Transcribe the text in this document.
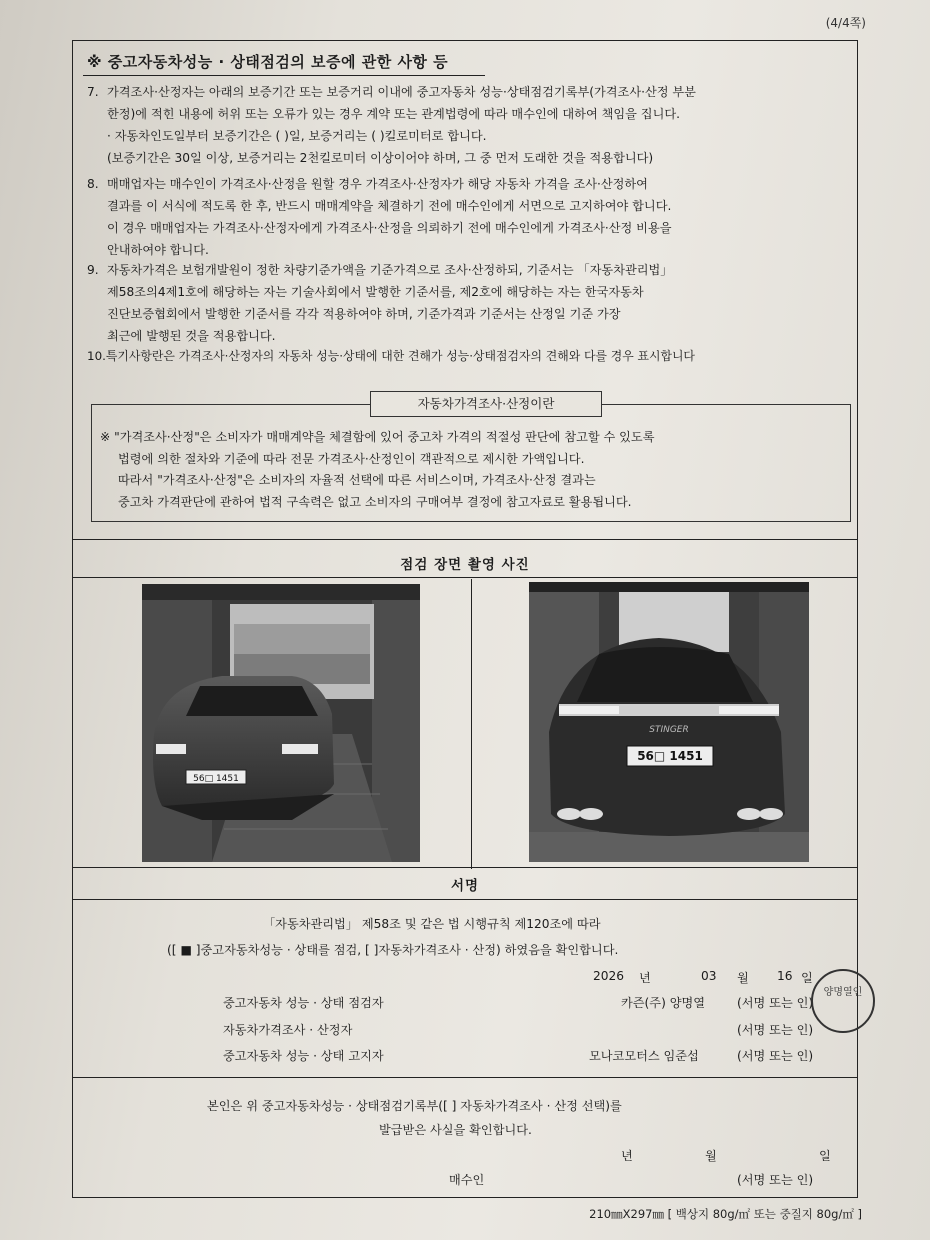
(4/4쪽)
※ 중고자동차성능 · 상태점검의 보증에 관한 사항 등
7. 가격조사·산정자는 아래의 보증기간 또는 보증거리 이내에 중고자동차 성능·상태점검기록부(가격조사·산정 부분
한정)에 적힌 내용에 허위 또는 오류가 있는 경우 계약 또는 관계법령에 따라 매수인에 대하여 책임을 집니다.
· 자동차인도일부터 보증기간은 ( )일, 보증거리는 ( )킬로미터로 합니다.
(보증기간은 30일 이상, 보증거리는 2천킬로미터 이상이어야 하며, 그 중 먼저 도래한 것을 적용합니다)
8. 매매업자는 매수인이 가격조사·산정을 원할 경우 가격조사·산정자가 해당 자동차 가격을 조사·산정하여
결과를 이 서식에 적도록 한 후, 반드시 매매계약을 체결하기 전에 매수인에게 서면으로 고지하여야 합니다.
이 경우 매매업자는 가격조사·산정자에게 가격조사·산정을 의뢰하기 전에 매수인에게 가격조사·산정 비용을
안내하여야 합니다.
9. 자동차가격은 보험개발원이 정한 차량기준가액을 기준가격으로 조사·산정하되, 기준서는 「자동차관리법」
제58조의4제1호에 해당하는 자는 기술사회에서 발행한 기준서를, 제2호에 해당하는 자는 한국자동차
진단보증협회에서 발행한 기준서를 각각 적용하여야 하며, 기준가격과 기준서는 산정일 기준 가장
최근에 발행된 것을 적용합니다.
10.특기사항란은 가격조사·산정자의 자동차 성능·상태에 대한 견해가 성능·상태점검자의 견해와 다를 경우 표시합니다
자동차가격조사·산정이란
※ "가격조사·산정"은 소비자가 매매계약을 체결함에 있어 중고차 가격의 적절성 판단에 참고할 수 있도록
법령에 의한 절차와 기준에 따라 전문 가격조사·산정인이 객관적으로 제시한 가액입니다.
따라서 "가격조사·산정"은 소비자의 자율적 선택에 따른 서비스이며, 가격조사·산정 결과는
중고차 가격판단에 관하여 법적 구속력은 없고 소비자의 구매여부 결정에 참고자료로 활용됩니다.
점검 장면 촬영 사진
56□ 1451
STINGER
56□ 1451
서명
「자동차관리법」 제58조 및 같은 법 시행규칙 제120조에 따라
([ ■ ]중고자동차성능 · 상태를 점검, [ ]자동차가격조사 · 산정) 하였음을 확인합니다.
2026 년	03 월 16 일
중고자동차 성능 · 상태 점검자	카즌(주) 양명열	(서명 또는 인)
자동차가격조사 · 산정자	(서명 또는 인)
중고자동차 성능 · 상태 고지자	모나코모터스 임준섭	(서명 또는 인)
양명열인
본인은 위 중고자동차성능 · 상태점검기록부([ ] 자동차가격조사 · 산정 선택)를
발급받은 사실을 확인합니다.
년	월	일
매수인	(서명 또는 인)
210㎜X297㎜ [ 백상지 80g/㎡ 또는 중질지 80g/㎡ ]
